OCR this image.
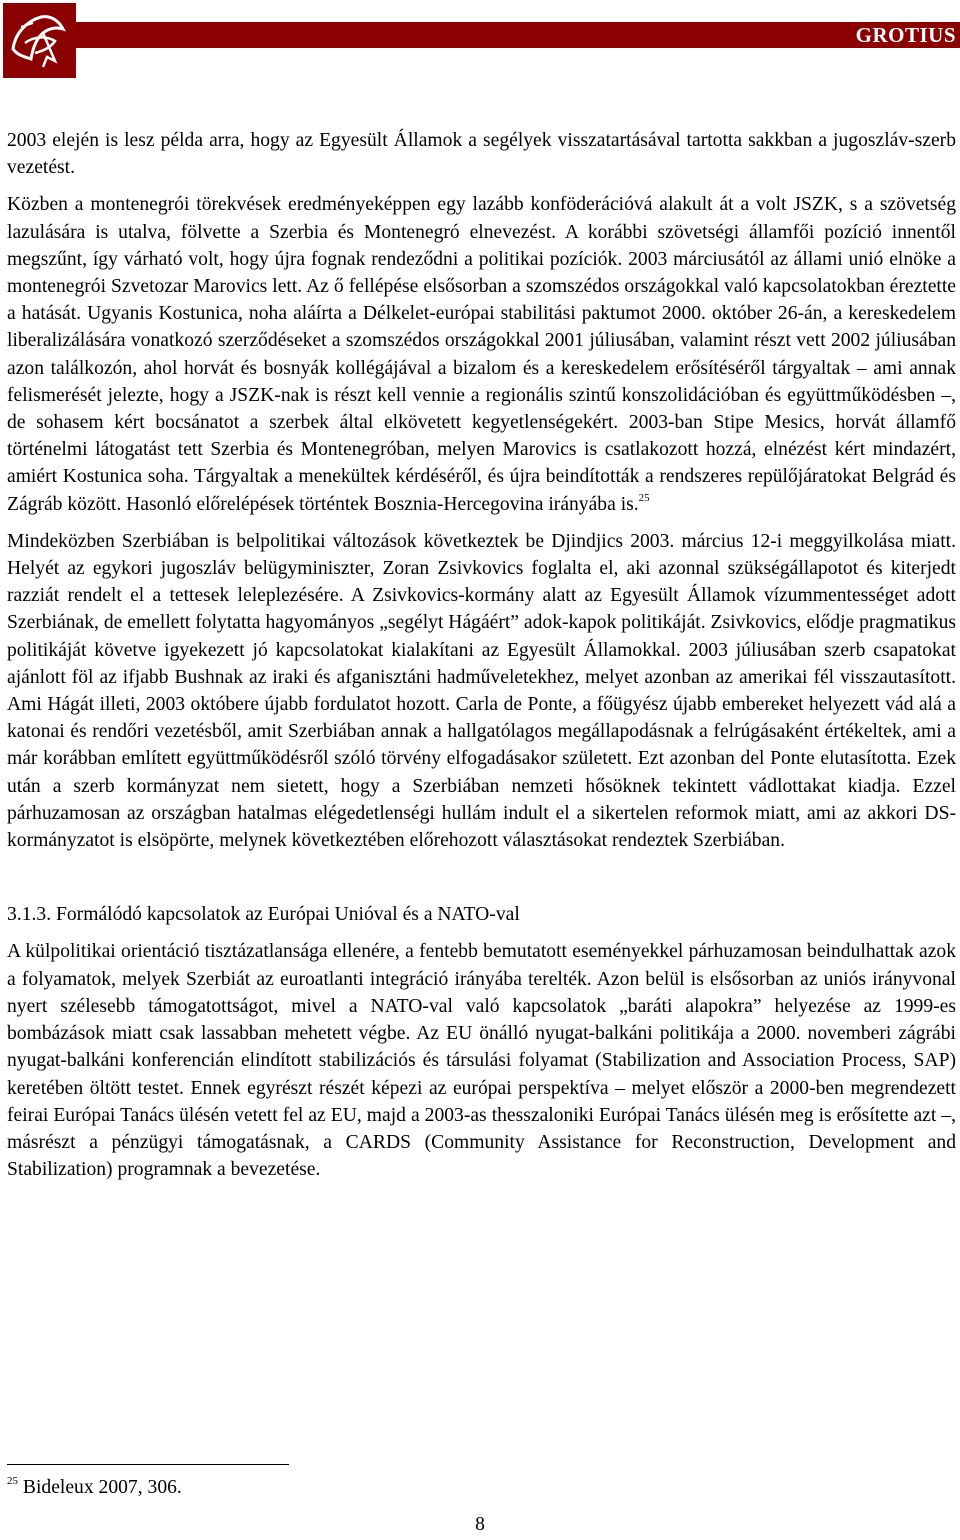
GROTIUS

2003 elején is lesz példa arra, hogy az Egyesült Államok a segélyek visszatartásával tartotta sakkban a jugoszláv-szerb vezetést.

Közben a montenegrói törekvések eredményeképpen egy lazább konföderációvá alakult át a volt JSZK, s a szövetség lazulására is utalva, fölvette a Szerbia és Montenegró elnevezést. A korábbi szövetségi államfői pozíció innentől megszűnt, így várható volt, hogy újra fognak rendeződni a politikai pozíciók. 2003 márciusától az állami unió elnöke a montenegrói Szvetozar Marovics lett. Az ő fellépése elsősorban a szomszédos országokkal való kapcsolatokban éreztette a hatását. Ugyanis Kostunica, noha aláírta a Délkelet-európai stabilitási paktumot 2000. október 26-án, a kereskedelem liberalizálására vonatkozó szerződéseket a szomszédos országokkal 2001 júliusában, valamint részt vett 2002 júliusában azon találkozón, ahol horvát és bosnyák kollégájával a bizalom és a kereskedelem erősítéséről tárgyaltak – ami annak felismerését jelezte, hogy a JSZK-nak is részt kell vennie a regionális szintű konszolidációban és együttműködésben –, de sohasem kért bocsánatot a szerbek által elkövetett kegyetlenségekért. 2003-ban Stipe Mesics, horvát államfő történelmi látogatást tett Szerbia és Montenegróban, melyen Marovics is csatlakozott hozzá, elnézést kért mindazért, amiért Kostunica soha. Tárgyaltak a menekültek kérdéséről, és újra beindították a rendszeres repülőjáratokat Belgrád és Zágráb között. Hasonló előrelépések történtek Bosznia-Hercegovina irányába is.$^{25}$

Mindeközben Szerbiában is belpolitikai változások következtek be Djindjics 2003. március 12-i meggyilkolása miatt. Helyét az egykori jugoszláv belügyminiszter, Zoran Zsivkovics foglalta el, aki azonnal szükségállapotot és kiterjedt razziát rendelt el a tettesek leleplezésére. A Zsivkovics-kormány alatt az Egyesült Államok vízummentességet adott Szerbiának, de emellett folytatta hagyományos „segélyt Hágáért” adok-kapok politikáját. Zsivkovics, elődje pragmatikus politikáját követve igyekezett jó kapcsolatokat kialakítani az Egyesült Államokkal. 2003 júliusában szerb csapatokat ajánlott föl az ifjabb Bushnak az iraki és afganisztáni hadműveletekhez, melyet azonban az amerikai fél visszautasított. Ami Hágát illeti, 2003 októbere újabb fordulatot hozott. Carla de Ponte, a főügyész újabb embereket helyezett vád alá a katonai és rendőri vezetésből, amit Szerbiában annak a hallgatólagos megállapodásnak a felrúgásaként értékeltek, ami a már korábban említett együttműködésről szóló törvény elfogadásakor született. Ezt azonban del Ponte elutasította. Ezek után a szerb kormányzat nem sietett, hogy a Szerbiában nemzeti hősöknek tekintett vádlottakat kiadja. Ezzel párhuzamosan az országban hatalmas elégedetlenségi hullám indult el a sikertelen reformok miatt, ami az akkori DS-kormányzatot is elsöpörte, melynek következtében előrehozott választásokat rendeztek Szerbiában.

3.1.3. Formálódó kapcsolatok az Európai Unióval és a NATO-val

A külpolitikai orientáció tisztázatlansága ellenére, a fentebb bemutatott eseményekkel párhuzamosan beindulhattak azok a folyamatok, melyek Szerbiát az euroatlanti integráció irányába terelték. Azon belül is elsősorban az uniós irányvonal nyert szélesebb támogatottságot, mivel a NATO-val való kapcsolatok „baráti alapokra” helyezése az 1999-es bombázások miatt csak lassabban mehetett végbe. Az EU önálló nyugat-balkáni politikája a 2000. novemberi zágrábi nyugat-balkáni konferencián elindított stabilizációs és társulási folyamat (Stabilization and Association Process, SAP) keretében öltött testet. Ennek egyrészt részét képezi az európai perspektíva – melyet először a 2000-ben megrendezett feirai Európai Tanács ülésén vetett fel az EU, majd a 2003-as thesszaloniki Európai Tanács ülésén meg is erősítette azt –, másrészt a pénzügyi támogatásnak, a CARDS (Community Assistance for Reconstruction, Development and Stabilization) programnak a bevezetése.

$^{25}$ Bideleux 2007, 306.
8
